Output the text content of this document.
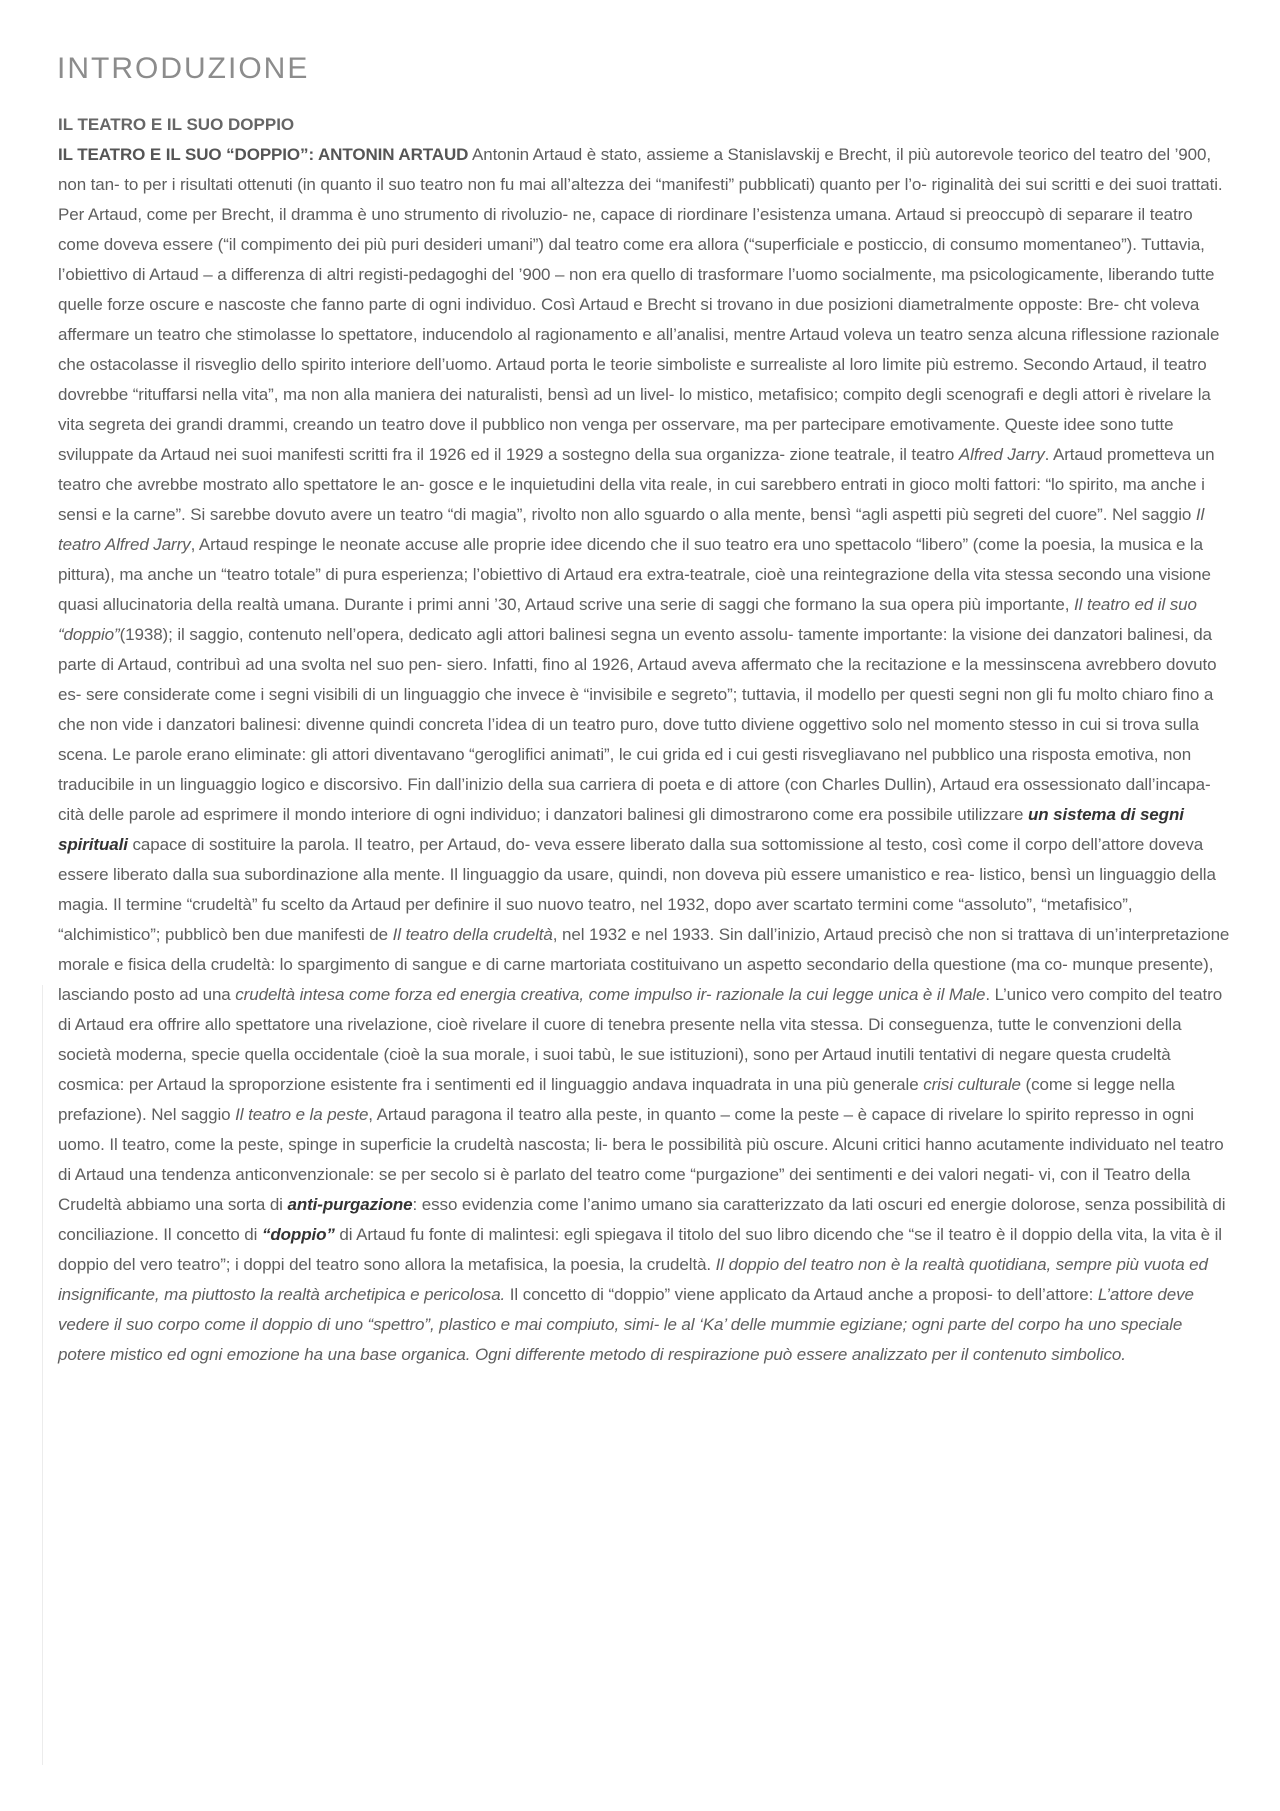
INTRODUZIONE
IL TEATRO E IL SUO DOPPIO

IL TEATRO E IL SUO “DOPPIO”: ANTONIN ARTAUD Antonin Artaud è stato, assieme a Stanislavskij e Brecht, il più autorevole teorico del teatro del ’900, non tan- to per i risultati ottenuti (in quanto il suo teatro non fu mai all’altezza dei “manifesti” pubblicati) quanto per l’o- riginalità dei sui scritti e dei suoi trattati. Per Artaud, come per Brecht, il dramma è uno strumento di rivoluzio- ne, capace di riordinare l’esistenza umana. Artaud si preoccupò di separare il teatro come doveva essere (“il compimento dei più puri desideri umani”) dal teatro come era allora (“superficiale e posticcio, di consumo momentaneo”). Tuttavia, l’obiettivo di Artaud – a differenza di altri registi-pedagoghi del ’900 – non era quello di trasformare l’uomo socialmente, ma psicologicamente, liberando tutte quelle forze oscure e nascoste che fanno parte di ogni individuo. Così Artaud e Brecht si trovano in due posizioni diametralmente opposte: Bre- cht voleva affermare un teatro che stimolasse lo spettatore, inducendolo al ragionamento e all’analisi, mentre Artaud voleva un teatro senza alcuna riflessione razionale che ostacolasse il risveglio dello spirito interiore dell’uomo. Artaud porta le teorie simboliste e surrealiste al loro limite più estremo. Secondo Artaud, il teatro dovrebbe “rituffarsi nella vita”, ma non alla maniera dei naturalisti, bensì ad un livel- lo mistico, metafisico; compito degli scenografi e degli attori è rivelare la vita segreta dei grandi drammi, creando un teatro dove il pubblico non venga per osservare, ma per partecipare emotivamente. Queste idee sono tutte sviluppate da Artaud nei suoi manifesti scritti fra il 1926 ed il 1929 a sostegno della sua organizza- zione teatrale, il teatro Alfred Jarry. Artaud prometteva un teatro che avrebbe mostrato allo spettatore le an- gosce e le inquietudini della vita reale, in cui sarebbero entrati in gioco molti fattori: “lo spirito, ma anche i sensi e la carne”. Si sarebbe dovuto avere un teatro “di magia”, rivolto non allo sguardo o alla mente, bensì “agli aspetti più segreti del cuore”. Nel saggio Il teatro Alfred Jarry, Artaud respinge le neonate accuse alle proprie idee dicendo che il suo teatro era uno spettacolo “libero” (come la poesia, la musica e la pittura), ma anche un “teatro totale” di pura esperienza; l’obiettivo di Artaud era extra-teatrale, cioè una reintegrazione della vita stessa secondo una visione quasi allucinatoria della realtà umana. Durante i primi anni ’30, Artaud scrive una serie di saggi che formano la sua opera più importante, Il teatro ed il suo “doppio”(1938); il saggio, contenuto nell’opera, dedicato agli attori balinesi segna un evento assolu- tamente importante: la visione dei danzatori balinesi, da parte di Artaud, contribuì ad una svolta nel suo pen- siero. Infatti, fino al 1926, Artaud aveva affermato che la recitazione e la messinscena avrebbero dovuto es- sere considerate come i segni visibili di un linguaggio che invece è “invisibile e segreto”; tuttavia, il modello per questi segni non gli fu molto chiaro fino a che non vide i danzatori balinesi: divenne quindi concreta l’idea di un teatro puro, dove tutto diviene oggettivo solo nel momento stesso in cui si trova sulla scena. Le parole erano eliminate: gli attori diventavano “geroglifici animati”, le cui grida ed i cui gesti risvegliavano nel pubblico una risposta emotiva, non traducibile in un linguaggio logico e discorsivo. Fin dall’inizio della sua carriera di poeta e di attore (con Charles Dullin), Artaud era ossessionato dall’incapa- cità delle parole ad esprimere il mondo interiore di ogni individuo; i danzatori balinesi gli dimostrarono come era possibile utilizzare un sistema di segni spirituali capace di sostituire la parola. Il teatro, per Artaud, do- veva essere liberato dalla sua sottomissione al testo, così come il corpo dell’attore doveva essere liberato dalla sua subordinazione alla mente. Il linguaggio da usare, quindi, non doveva più essere umanistico e rea- listico, bensì un linguaggio della magia. Il termine “crudeltà” fu scelto da Artaud per definire il suo nuovo teatro, nel 1932, dopo aver scartato termini come “assoluto”, “metafisico”, “alchimistico”; pubblicò ben due manifesti de Il teatro della crudeltà, nel 1932 e nel 1933. Sin dall’inizio, Artaud precisò che non si trattava di un’interpretazione morale e fisica della crudeltà: lo spargimento di sangue e di carne martoriata costituivano un aspetto secondario della questione (ma co- munque presente), lasciando posto ad una crudeltà intesa come forza ed energia creativa, come impulso ir- razionale la cui legge unica è il Male. L’unico vero compito del teatro di Artaud era offrire allo spettatore una rivelazione, cioè rivelare il cuore di tenebra presente nella vita stessa. Di conseguenza, tutte le convenzioni della società moderna, specie quella occidentale (cioè la sua morale, i suoi tabù, le sue istituzioni), sono per Artaud inutili tentativi di negare questa crudeltà cosmica: per Artaud la sproporzione esistente fra i sentimenti ed il linguaggio andava inquadrata in una più generale crisi culturale (come si legge nella prefazione). Nel saggio Il teatro e la peste, Artaud paragona il teatro alla peste, in quanto – come la peste – è capace di rivelare lo spirito represso in ogni uomo. Il teatro, come la peste, spinge in superficie la crudeltà nascosta; li- bera le possibilità più oscure. Alcuni critici hanno acutamente individuato nel teatro di Artaud una tendenza anticonvenzionale: se per secolo si è parlato del teatro come “purgazione” dei sentimenti e dei valori negati- vi, con il Teatro della Crudeltà abbiamo una sorta di anti-purgazione: esso evidenzia come l’animo umano sia caratterizzato da lati oscuri ed energie dolorose, senza possibilità di conciliazione. Il concetto di “doppio” di Artaud fu fonte di malintesi: egli spiegava il titolo del suo libro dicendo che “se il teatro è il doppio della vita, la vita è il doppio del vero teatro”; i doppi del teatro sono allora la metafisica, la poesia, la crudeltà. Il doppio del teatro non è la realtà quotidiana, sempre più vuota ed insignificante, ma piuttosto la realtà archetipica e pericolosa. Il concetto di “doppio” viene applicato da Artaud anche a proposi- to dell’attore: L’attore deve vedere il suo corpo come il doppio di uno “spettro”, plastico e mai compiuto, simi- le al ‘Ka’ delle mummie egiziane; ogni parte del corpo ha uno speciale potere mistico ed ogni emozione ha una base organica. Ogni differente metodo di respirazione può essere analizzato per il contenuto simbolico.
